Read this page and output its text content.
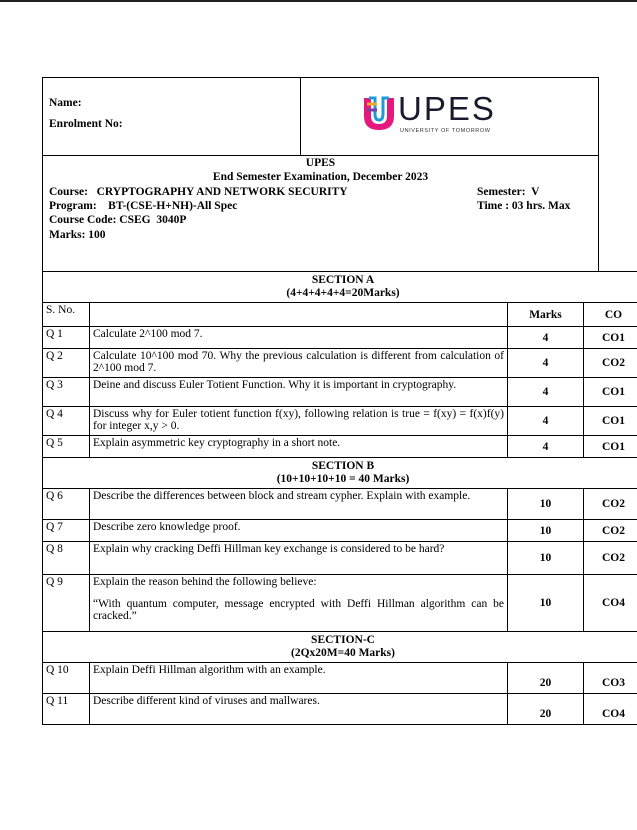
Name:
Enrolment No:	UPES
UNIVERSITY OF TOMORROW
UPES
End Semester Examination, December 2023
Course:   CRYPTOGRAPHY AND NETWORK SECURITY
Program:    BT-(CSE-H+NH)-All Spec
Course Code: CSEG  3040P
Marks: 100
Semester:  V
Time : 03 hrs. Max
SECTION A
(4+4+4+4+4=20Marks)			

S. No.		Marks	CO
Q 1	Calculate 2^100 mod 7.	4	CO1
Q 2	Calculate 10^100 mod 70. Why the previous calculation is different from calculation of 2^100 mod 7.	4	CO2
Q 3	Deine and discuss Euler Totient Function. Why it is important in cryptography.	4	CO1
Q 4	Discuss why for Euler totient function f(xy), following relation is true = f(xy) = f(x)f(y) for integer x,y > 0.	4	CO1
Q 5	Explain asymmetric key cryptography in a short note.	4	CO1

SECTION B
(10+10+10+10 = 40 Marks)			

Q 6	Describe the differences between block and stream cypher. Explain with example.	10	CO2
Q 7	Describe zero knowledge proof.	10	CO2
Q 8	Explain why cracking Deffi Hillman key exchange is considered to be hard?	10	CO2
Q 9	Explain the reason behind the following believe:
“With quantum computer, message encrypted with Deffi Hillman algorithm can be cracked.”	10	CO4

SECTION-C
(2Qx20M=40 Marks)			

Q 10	Explain Deffi Hillman algorithm with an example.	20	CO3
Q 11	Describe different kind of viruses and mallwares.	20	CO4
